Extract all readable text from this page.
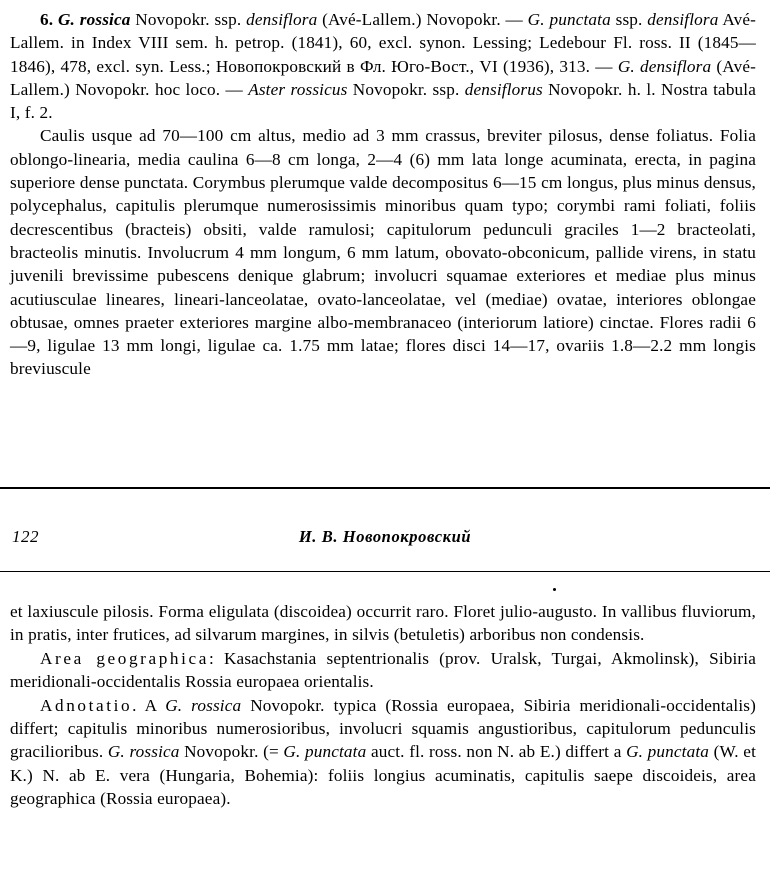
6. G. rossica Novopokr. ssp. densiflora (Avé-Lallem.) Novopokr. — G. punctata ssp. densiflora Avé-Lallem. in Index VIII sem. h. petrop. (1841), 60, excl. synon. Lessing; Ledebour Fl. ross. II (1845—1846), 478, excl. syn. Less.; Новопокровский в Фл. Юго-Вост., VI (1936), 313. — G. densiflora (Avé-Lallem.) Novopokr. hoc loco. — Aster rossicus Novopokr. ssp. densiflorus Novopokr. h. l. Nostra tabula I, f. 2.

Caulis usque ad 70—100 cm altus, medio ad 3 mm crassus, breviter pilosus, dense foliatus. Folia oblongo-linearia, media caulina 6—8 cm longa, 2—4 (6) mm lata longe acuminata, erecta, in pagina superiore dense punctata. Corymbus plerumque valde decompositus 6—15 cm longus, plus minus densus, polycephalus, capitulis plerumque numerosissimis minoribus quam typo; corymbi rami foliati, foliis decrescentibus (bracteis) obsiti, valde ramulosi; capitulorum pedunculi graciles 1—2 bracteolati, bracteolis minutis. Involucrum 4 mm longum, 6 mm latum, obovato-obconicum, pallide virens, in statu juvenili brevissime pubescens denique glabrum; involucri squamae exteriores et mediae plus minus acutiusculae lineares, lineari-lanceolatae, ovato-lanceolatae, vel (mediae) ovatae, interiores oblongae obtusae, omnes praeter exteriores margine albo-membranaceo (interiorum latiore) cinctae. Flores radii 6—9, ligulae 13 mm longi, ligulae ca. 1.75 mm latae; flores disci 14—17, ovariis 1.8—2.2 mm longis breviuscule

122	И. В. Новопокровский

et laxiuscule pilosis. Forma eligulata (discoidea) occurrit raro. Floret julio-augusto. In vallibus fluviorum, in pratis, inter frutices, ad silvarum margines, in silvis (betuletis) arboribus non condensis.

Area geographica: Kasachstania septentrionalis (prov. Uralsk, Turgai, Akmolinsk), Sibiria meridionali-occidentalis Rossia europaea orientalis.

Adnotatio. A G. rossica Novopokr. typica (Rossia europaea, Sibiria meridionali-occidentalis) differt; capitulis minoribus numerosioribus, involucri squamis angustioribus, capitulorum pedunculis gracilioribus. G. rossica Novopokr. (= G. punctata auct. fl. ross. non N. ab E.) differt a G. punctata (W. et K.) N. ab E. vera (Hungaria, Bohemia): foliis longius acuminatis, capitulis saepe discoideis, area geographica (Rossia europaea).
